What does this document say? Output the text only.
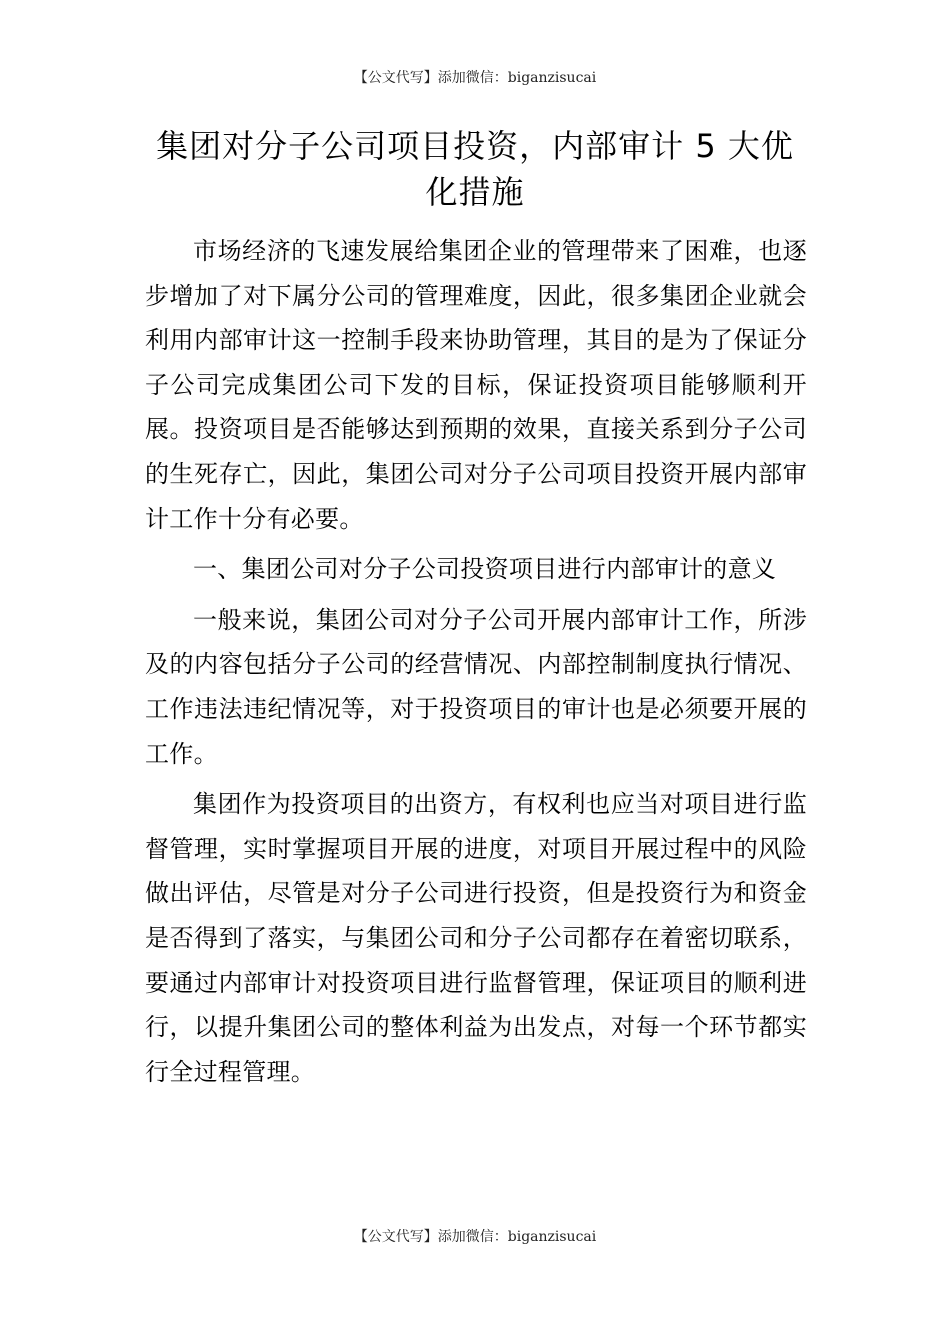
【公文代写】添加微信：biganzisucai
集团对分子公司项目投资，内部审计 5 大优化措施

市场经济的飞速发展给集团企业的管理带来了困难，也逐步增加了对下属分公司的管理难度，因此，很多集团企业就会利用内部审计这一控制手段来协助管理，其目的是为了保证分子公司完成集团公司下发的目标，保证投资项目能够顺利开展。投资项目是否能够达到预期的效果，直接关系到分子公司的生死存亡，因此，集团公司对分子公司项目投资开展内部审计工作十分有必要。

一、集团公司对分子公司投资项目进行内部审计的意义

一般来说，集团公司对分子公司开展内部审计工作，所涉及的内容包括分子公司的经营情况、内部控制制度执行情况、工作违法违纪情况等，对于投资项目的审计也是必须要开展的工作。

集团作为投资项目的出资方，有权利也应当对项目进行监督管理，实时掌握项目开展的进度，对项目开展过程中的风险做出评估，尽管是对分子公司进行投资，但是投资行为和资金是否得到了落实，与集团公司和分子公司都存在着密切联系，要通过内部审计对投资项目进行监督管理，保证项目的顺利进行，以提升集团公司的整体利益为出发点，对每一个环节都实行全过程管理。

【公文代写】添加微信：biganzisucai
